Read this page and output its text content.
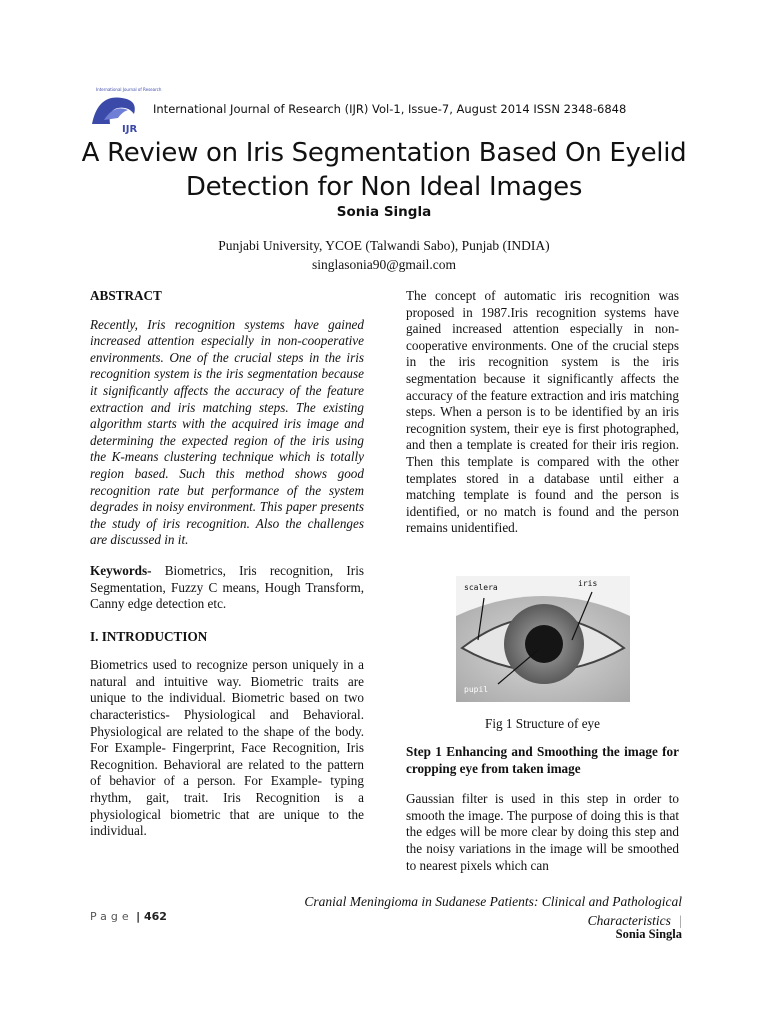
International Journal of Research
IJR
International Journal of Research (IJR) Vol-1, Issue-7, August 2014 ISSN 2348-6848
A Review on Iris Segmentation Based On Eyelid
Detection for Non Ideal Images
Sonia Singla
Punjabi University, YCOE (Talwandi Sabo), Punjab (INDIA)
singlasonia90@gmail.com

ABSTRACT

Recently, Iris recognition systems have gained increased attention especially in non-cooperative environments. One of the crucial steps in the iris recognition system is the iris segmentation because it significantly affects the accuracy of the feature extraction and iris matching steps. The existing algorithm starts with the acquired iris image and determining the expected region of the iris using the K-means clustering technique which is totally region based. Such this method shows good recognition rate but performance of the system degrades in noisy environment. This paper presents the study of iris recognition. Also the challenges are discussed in it.

Keywords- Biometrics, Iris recognition, Iris Segmentation, Fuzzy C means, Hough Transform, Canny edge detection etc.

I. INTRODUCTION

Biometrics used to recognize person uniquely in a natural and intuitive way. Biometric traits are unique to the individual. Biometric based on two characteristics- Physiological and Behavioral. Physiological are related to the shape of the body. For Example- Fingerprint, Face Recognition, Iris Recognition. Behavioral are related to the pattern of behavior of a person. For Example- typing rhythm, gait, trait. Iris Recognition is a physiological biometric that are unique to the individual.

The concept of automatic iris recognition was proposed in 1987.Iris recognition systems have gained increased attention especially in non-cooperative environments. One of the crucial steps in the iris recognition system is the iris segmentation because it significantly affects the accuracy of the feature extraction and iris matching steps. When a person is to be identified by an iris recognition system, their eye is first photographed, and then a template is created for their iris region. Then this template is compared with the other templates stored in a database until either a matching template is found and the person is identified, or no match is found and the person remains unidentified.

scalera	iris
pupil
Fig 1 Structure of eye

Step 1 Enhancing and Smoothing the image for cropping eye from taken image

Gaussian filter is used in this step in order to smooth the image. The purpose of doing this is that the edges will be more clear by doing this step and the noisy variations in the image will be smoothed to nearest pixels which can

Cranial Meningioma in Sudanese Patients: Clinical and Pathological Characteristics |
Sonia Singla
Page | 462
